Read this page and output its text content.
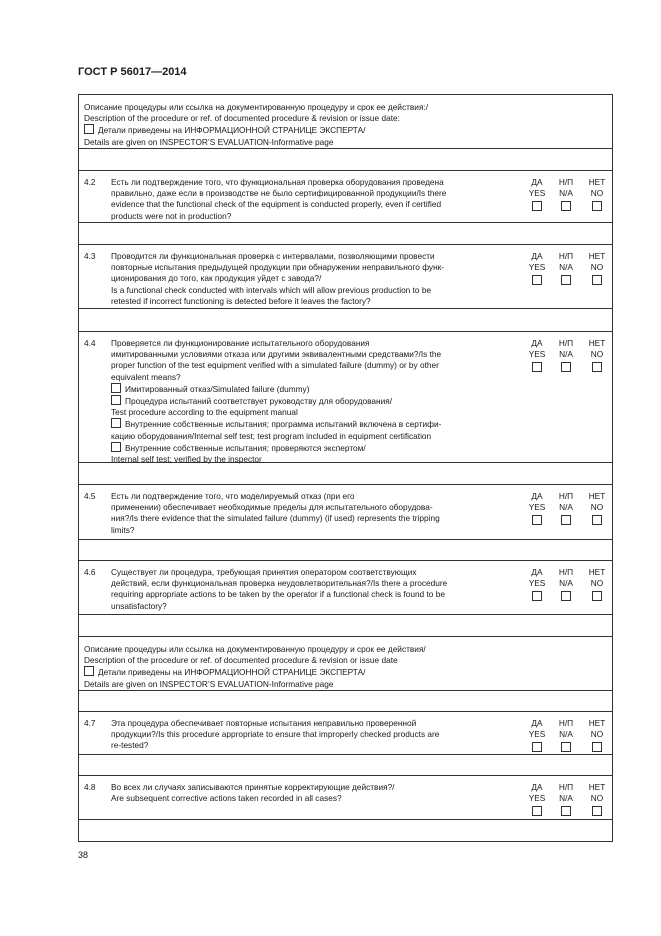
ГОСТ Р 56017—2014
Описание процедуры или ссылка на документированную процедуру и срок ее действия:/
Description of the procedure or ref. of documented procedure & revision or issue date:
Детали приведены на ИНФОРМАЦИОННОЙ СТРАНИЦЕ ЭКСПЕРТА/
Details are given on INSPECTOR’S EVALUATION-Informative page
4.2 Есть ли подтверждение того, что функциональная проверка оборудования проведена
правильно, даже если в производстве не было сертифицированной продукции/Is there
evidence that the functional check of the equipment is conducted properly, even if certified
products were not in production?
ДА
YES
Н/П
N/A
НЕТ
NO
4.3 Проводится ли функциональная проверка с интервалами, позволяющими провести
повторные испытания предыдущей продукции при обнаружении неправильного функ-
ционирования до того, как продукция уйдет с завода?/
Is a functional check conducted with intervals which will allow previous production to be
retested if incorrect functioning is detected before it leaves the factory?
ДА
YES
Н/П
N/A
НЕТ
NO
4.4 Проверяется ли функционирование испытательного оборудования
имитированными условиями отказа или другими эквивалентными средствами?/Is the
proper function of the test equipment verified with a simulated failure (dummy) or by other
equivalent means?
Имитированный отказ/Simulated failure (dummy)
Процедура испытаний соответствует руководству для оборудования/
Test procedure according to the equipment manual
Внутренние собственные испытания; программа испытаний включена в сертифи-
кацию оборудования/Internal self test; test program included in equipment certification
Внутренние собственные испытания; проверяются экспертом/
Internal self test; verified by the inspector
ДА
YES
Н/П
N/A
НЕТ
NO
4.5 Есть ли подтверждение того, что моделируемый отказ (при его
применении) обеспечивает необходимые пределы для испытательного оборудова-
ния?/Is there evidence that the simulated failure (dummy) (if used) represents the tripping
limits?
ДА
YES
Н/П
N/A
НЕТ
NO
4.6 Существует ли процедура, требующая принятия оператором соответствующих
действий, если функциональная проверка неудовлетворительная?/Is there a procedure
requiring appropriate actions to be taken by the operator if a functional check is found to be
unsatisfactory?
ДА
YES
Н/П
N/A
НЕТ
NO
Описание процедуры или ссылка на документированную процедуру и срок ее действия/
Description of the procedure or ref. of documented procedure & revision or issue date
Детали приведены на ИНФОРМАЦИОННОЙ СТРАНИЦЕ ЭКСПЕРТА/
Details are given on INSPECTOR’S EVALUATION-Informative page
4.7 Эта процедура обеспечивает повторные испытания неправильно проверенной
продукции?/Is this procedure appropriate to ensure that improperly checked products are
re-tested?
ДА
YES
Н/П
N/A
НЕТ
NO
4.8 Во всех ли случаях записываются принятые корректирующие действия?/
Are subsequent corrective actions taken recorded in all cases?
ДА
YES
Н/П
N/A
НЕТ
NO
38
